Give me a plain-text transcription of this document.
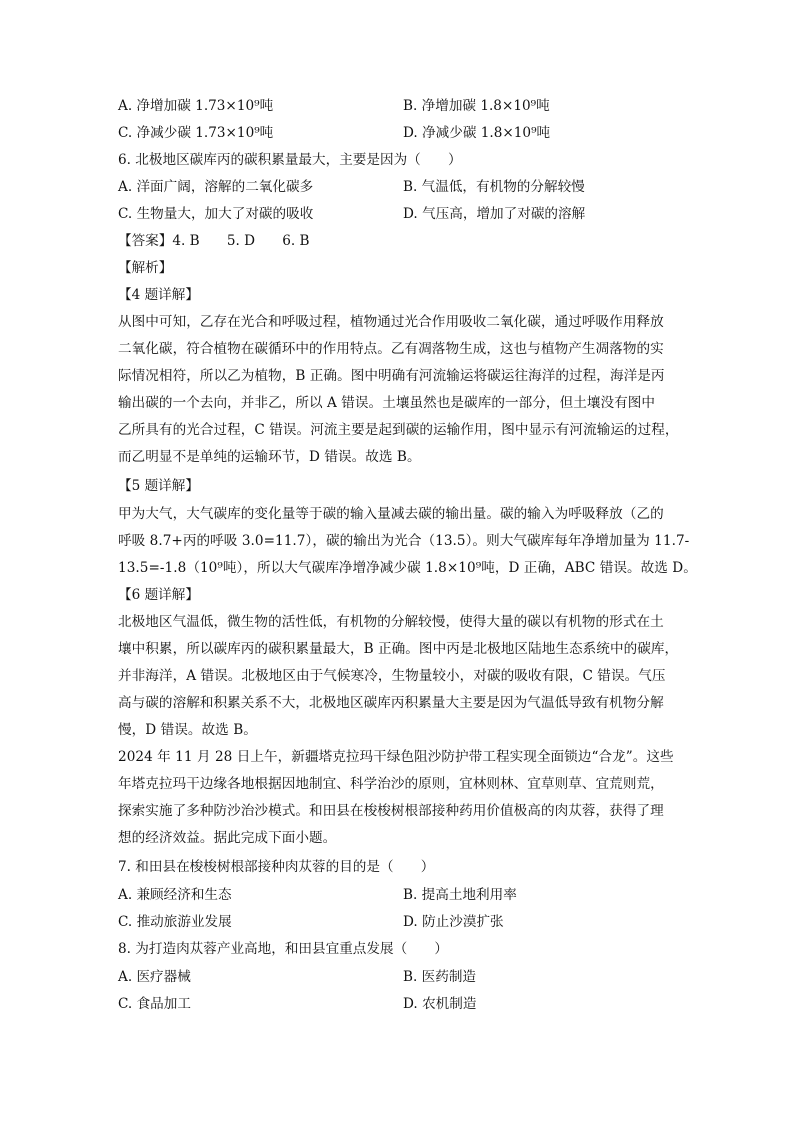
A. 净增加碳 1.73×10⁹吨	B. 净增加碳 1.8×10⁹吨
C. 净减少碳 1.73×10⁹吨	D. 净减少碳 1.8×10⁹吨
6. 北极地区碳库丙的碳积累量最大，主要是因为（　　）
A. 洋面广阔，溶解的二氧化碳多	B. 气温低，有机物的分解较慢
C. 生物量大，加大了对碳的吸收	D. 气压高，增加了对碳的溶解
【答案】4. B　　5. D　　6. B
【解析】
【4 题详解】
从图中可知，乙存在光合和呼吸过程，植物通过光合作用吸收二氧化碳，通过呼吸作用释放
二氧化碳，符合植物在碳循环中的作用特点。乙有凋落物生成，这也与植物产生凋落物的实
际情况相符，所以乙为植物，B 正确。图中明确有河流输运将碳运往海洋的过程，海洋是丙
输出碳的一个去向，并非乙，所以 A 错误。土壤虽然也是碳库的一部分，但土壤没有图中
乙所具有的光合过程，C 错误。河流主要是起到碳的运输作用，图中显示有河流输运的过程，
而乙明显不是单纯的运输环节，D 错误。故选 B。
【5 题详解】
甲为大气，大气碳库的变化量等于碳的输入量减去碳的输出量。碳的输入为呼吸释放（乙的
呼吸 8.7+丙的呼吸 3.0=11.7），碳的输出为光合（13.5）。则大气碳库每年净增加量为 11.7-
13.5=-1.8（10⁹吨），所以大气碳库净增净减少碳 1.8×10⁹吨，D 正确，ABC 错误。故选 D。
【6 题详解】
北极地区气温低，微生物的活性低，有机物的分解较慢，使得大量的碳以有机物的形式在土
壤中积累，所以碳库丙的碳积累量最大，B 正确。图中丙是北极地区陆地生态系统中的碳库，
并非海洋，A 错误。北极地区由于气候寒冷，生物量较小，对碳的吸收有限，C 错误。气压
高与碳的溶解和积累关系不大，北极地区碳库丙积累量大主要是因为气温低导致有机物分解
慢，D 错误。故选 B。
2024 年 11 月 28 日上午，新疆塔克拉玛干绿色阻沙防护带工程实现全面锁边“合龙”。这些
年塔克拉玛干边缘各地根据因地制宜、科学治沙的原则，宜林则林、宜草则草、宜荒则荒，
探索实施了多种防沙治沙模式。和田县在梭梭树根部接种药用价值极高的肉苁蓉，获得了理
想的经济效益。据此完成下面小题。
7. 和田县在梭梭树根部接种肉苁蓉的目的是（　　）
A. 兼顾经济和生态	B. 提高土地利用率
C. 推动旅游业发展	D. 防止沙漠扩张
8. 为打造肉苁蓉产业高地，和田县宜重点发展（　　）
A. 医疗器械	B. 医药制造
C. 食品加工	D. 农机制造
